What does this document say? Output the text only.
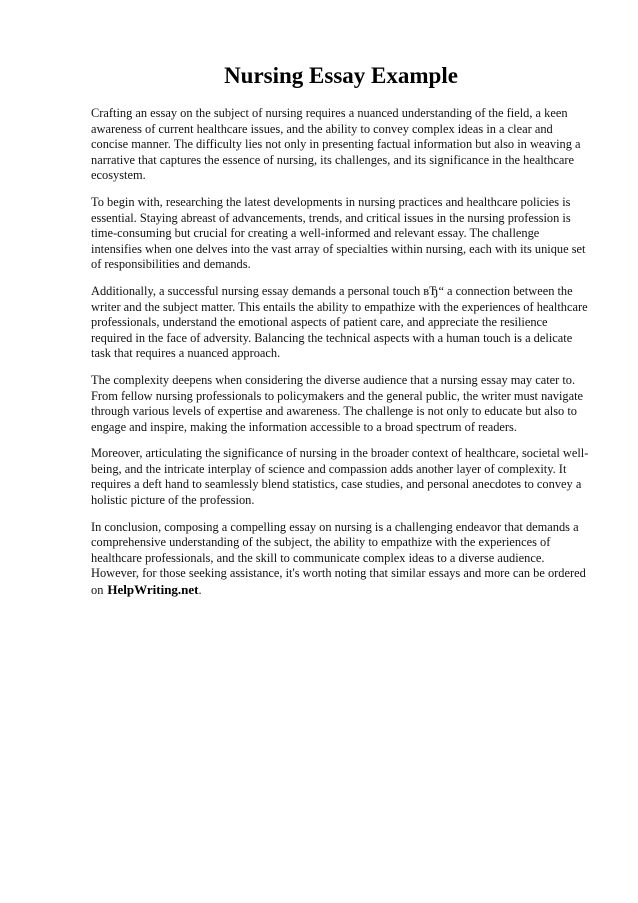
Nursing Essay Example

Crafting an essay on the subject of nursing requires a nuanced understanding of the field, a keen awareness of current healthcare issues, and the ability to convey complex ideas in a clear and concise manner. The difficulty lies not only in presenting factual information but also in weaving a narrative that captures the essence of nursing, its challenges, and its significance in the healthcare ecosystem.

To begin with, researching the latest developments in nursing practices and healthcare policies is essential. Staying abreast of advancements, trends, and critical issues in the nursing profession is time-consuming but crucial for creating a well-informed and relevant essay. The challenge intensifies when one delves into the vast array of specialties within nursing, each with its unique set of responsibilities and demands.

Additionally, a successful nursing essay demands a personal touch вЂ“ a connection between the writer and the subject matter. This entails the ability to empathize with the experiences of healthcare professionals, understand the emotional aspects of patient care, and appreciate the resilience required in the face of adversity. Balancing the technical aspects with a human touch is a delicate task that requires a nuanced approach.

The complexity deepens when considering the diverse audience that a nursing essay may cater to. From fellow nursing professionals to policymakers and the general public, the writer must navigate through various levels of expertise and awareness. The challenge is not only to educate but also to engage and inspire, making the information accessible to a broad spectrum of readers.

Moreover, articulating the significance of nursing in the broader context of healthcare, societal well-being, and the intricate interplay of science and compassion adds another layer of complexity. It requires a deft hand to seamlessly blend statistics, case studies, and personal anecdotes to convey a holistic picture of the profession.

In conclusion, composing a compelling essay on nursing is a challenging endeavor that demands a comprehensive understanding of the subject, the ability to empathize with the experiences of healthcare professionals, and the skill to communicate complex ideas to a diverse audience. However, for those seeking assistance, it's worth noting that similar essays and more can be ordered on HelpWriting.net.
